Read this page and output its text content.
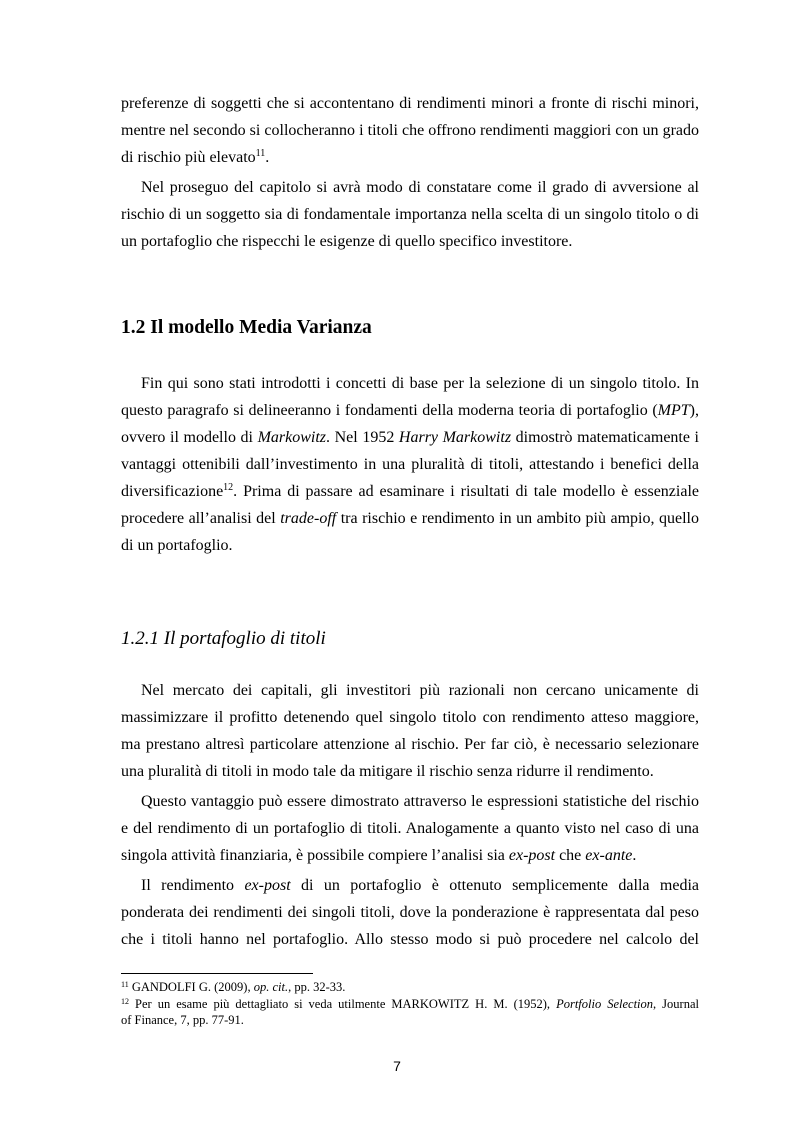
preferenze di soggetti che si accontentano di rendimenti minori a fronte di rischi minori,
mentre nel secondo si collocheranno i titoli che offrono rendimenti maggiori con un grado
di rischio più elevato$^{11}$.
Nel proseguo del capitolo si avrà modo di constatare come il grado di avversione al
rischio di un soggetto sia di fondamentale importanza nella scelta di un singolo titolo o di
un portafoglio che rispecchi le esigenze di quello specifico investitore.
1.2 Il modello Media Varianza
Fin qui sono stati introdotti i concetti di base per la selezione di un singolo titolo. In
questo paragrafo si delineeranno i fondamenti della moderna teoria di portafoglio (MPT),
ovvero il modello di Markowitz. Nel 1952 Harry Markowitz dimostrò matematicamente i
vantaggi ottenibili dall’investimento in una pluralità di titoli, attestando i benefici della
diversificazione$^{12}$. Prima di passare ad esaminare i risultati di tale modello è essenziale
procedere all’analisi del trade-off tra rischio e rendimento in un ambito più ampio, quello
di un portafoglio.
1.2.1 Il portafoglio di titoli
Nel mercato dei capitali, gli investitori più razionali non cercano unicamente di
massimizzare il profitto detenendo quel singolo titolo con rendimento atteso maggiore,
ma prestano altresì particolare attenzione al rischio. Per far ciò, è necessario selezionare
una pluralità di titoli in modo tale da mitigare il rischio senza ridurre il rendimento.
Questo vantaggio può essere dimostrato attraverso le espressioni statistiche del rischio
e del rendimento di un portafoglio di titoli. Analogamente a quanto visto nel caso di una
singola attività finanziaria, è possibile compiere l’analisi sia ex-post che ex-ante.
Il rendimento ex-post di un portafoglio è ottenuto semplicemente dalla media
ponderata dei rendimenti dei singoli titoli, dove la ponderazione è rappresentata dal peso
che i titoli hanno nel portafoglio. Allo stesso modo si può procedere nel calcolo del
$^{11}$ GANDOLFI G. (2009), op. cit., pp. 32-33.
$^{12}$ Per un esame più dettagliato si veda utilmente MARKOWITZ H. M. (1952), Portfolio Selection, Journal
of Finance, 7, pp. 77-91.
7
